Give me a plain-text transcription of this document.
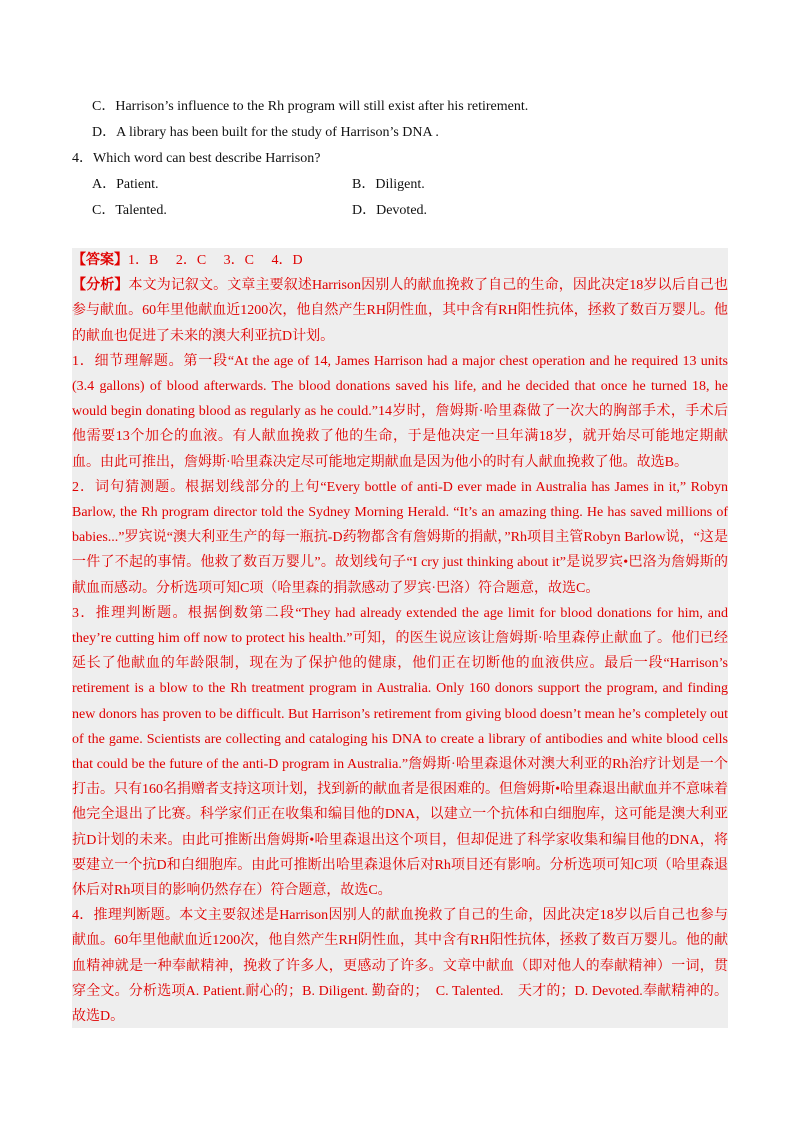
C．Harrison’s influence to the Rh program will still exist after his retirement.
D．A library has been built for the study of Harrison’s DNA .
4．Which word can best describe Harrison?
A．Patient.	B．Diligent.
C．Talented.	D．Devoted.

【答案】1．B　 2．C　 3．C　 4．D

【分析】本文为记叙文。文章主要叙述Harrison因别人的献血挽救了自己的生命，因此决定18岁以后自己也参与献血。60年里他献血近1200次，他自然产生RH阴性血，其中含有RH阳性抗体，拯救了数百万婴儿。他的献血也促进了未来的澳大利亚抗D计划。

1．细节理解题。第一段“At the age of 14, James Harrison had a major chest operation and he required 13 units (3.4 gallons) of blood afterwards. The blood donations saved his life, and he decided that once he turned 18, he would begin donating blood as regularly as he could.”14岁时，詹姆斯·哈里森做了一次大的胸部手术，手术后他需要13个加仑的血液。有人献血挽救了他的生命，于是他决定一旦年满18岁，就开始尽可能地定期献血。由此可推出，詹姆斯·哈里森决定尽可能地定期献血是因为他小的时有人献血挽救了他。故选B。

2．词句猜测题。根据划线部分的上句“Every bottle of anti-D ever made in Australia has James in it,” Robyn Barlow, the Rh program director told the Sydney Morning Herald. “It’s an amazing thing. He has saved millions of babies...”罗宾说“澳大利亚生产的每一瓶抗-D药物都含有詹姆斯的捐献，”Rh项目主管Robyn Barlow说，“这是一件了不起的事情。他救了数百万婴儿”。故划线句子“I cry just thinking about it”是说罗宾•巴洛为詹姆斯的献血而感动。分析选项可知C项（哈里森的捐款感动了罗宾·巴洛）符合题意，故选C。

3．推理判断题。根据倒数第二段“They had already extended the age limit for blood donations for him, and they’re cutting him off now to protect his health.”可知，的医生说应该让詹姆斯·哈里森停止献血了。他们已经延长了他献血的年龄限制，现在为了保护他的健康，他们正在切断他的血液供应。最后一段“Harrison’s retirement is a blow to the Rh treatment program in Australia. Only 160 donors support the program, and finding new donors has proven to be difficult. But Harrison’s retirement from giving blood doesn’t mean he’s completely out of the game. Scientists are collecting and cataloging his DNA to create a library of antibodies and white blood cells that could be the future of the anti-D program in Australia.”詹姆斯·哈里森退休对澳大利亚的Rh治疗计划是一个打击。只有160名捐赠者支持这项计划，找到新的献血者是很困难的。但詹姆斯•哈里森退出献血并不意味着他完全退出了比赛。科学家们正在收集和编目他的DNA，以建立一个抗体和白细胞库，这可能是澳大利亚抗D计划的未来。由此可推断出詹姆斯•哈里森退出这个项目，但却促进了科学家收集和编目他的DNA，将要建立一个抗D和白细胞库。由此可推断出哈里森退休后对Rh项目还有影响。分析选项可知C项（哈里森退休后对Rh项目的影响仍然存在）符合题意，故选C。

4．推理判断题。本文主要叙述是Harrison因别人的献血挽救了自己的生命，因此决定18岁以后自己也参与献血。60年里他献血近1200次，他自然产生RH阴性血，其中含有RH阳性抗体，拯救了数百万婴儿。他的献血精神就是一种奉献精神，挽救了许多人，更感动了许多。文章中献血（即对他人的奉献精神）一词，贯穿全文。分析选项A. Patient.耐心的；B. Diligent. 勤奋的；　C. Talented.　天才的；D. Devoted.奉献精神的。故选D。
